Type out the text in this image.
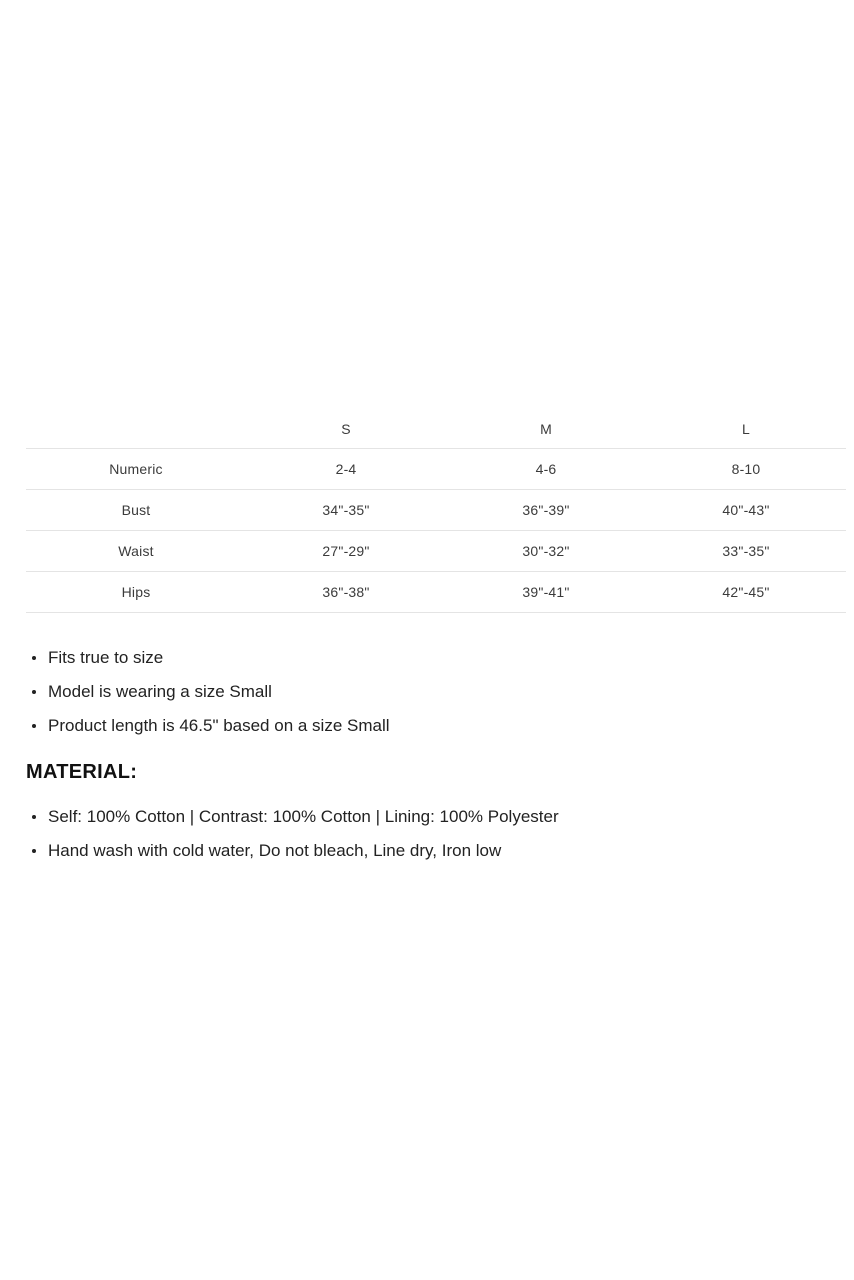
	S	M	L
Numeric	2-4	4-6	8-10
Bust	34"-35"	36"-39"	40"-43"
Waist	27"-29"	30"-32"	33"-35"
Hips	36"-38"	39"-41"	42"-45"
Fits true to size
Model is wearing a size Small
Product length is 46.5" based on a size Small
MATERIAL:
Self: 100% Cotton | Contrast: 100% Cotton | Lining: 100% Polyester
Hand wash with cold water, Do not bleach, Line dry, Iron low
